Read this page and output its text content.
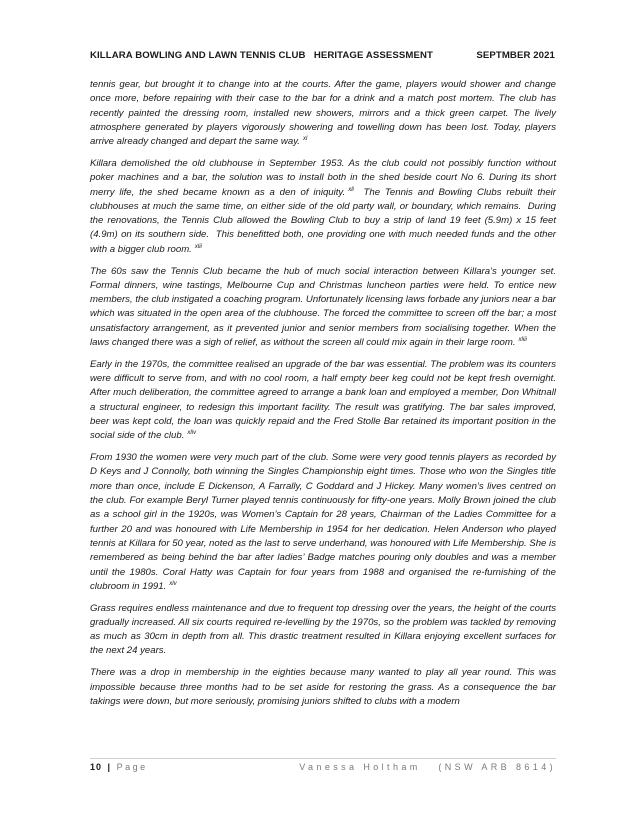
KILLARA BOWLING AND LAWN TENNIS CLUB   HERITAGE ASSESSMENT	SEPTMBER 2021

tennis gear, but brought it to change into at the courts. After the game, players would shower and change once more, before repairing with their case to the bar for a drink and a match post mortem. The club has recently painted the dressing room, installed new showers, mirrors and a thick green carpet. The lively atmosphere generated by players vigorously showering and towelling down has been lost. Today, players arrive already changed and depart the same way. $^{xl}$

Killara demolished the old clubhouse in September 1953. As the club could not possibly function without poker machines and a bar, the solution was to install both in the shed beside court No 6. During its short merry life, the shed became known as a den of iniquity. $^{xli}$  The Tennis and Bowling Clubs rebuilt their clubhouses at much the same time, on either side of the old party wall, or boundary, which remains.  During the renovations, the Tennis Club allowed the Bowling Club to buy a strip of land 19 feet (5.9m) x 15 feet (4.9m) on its southern side.  This benefitted both, one providing one with much needed funds and the other with a bigger club room. $^{xlii}$

The 60s saw the Tennis Club became the hub of much social interaction between Killara’s younger set. Formal dinners, wine tastings, Melbourne Cup and Christmas luncheon parties were held. To entice new members, the club instigated a coaching program. Unfortunately licensing laws forbade any juniors near a bar which was situated in the open area of the clubhouse. The forced the committee to screen off the bar; a most unsatisfactory arrangement, as it prevented junior and senior members from socialising together. When the laws changed there was a sigh of relief, as without the screen all could mix again in their large room. $^{xliii}$

Early in the 1970s, the committee realised an upgrade of the bar was essential. The problem was its counters were difficult to serve from, and with no cool room, a half empty beer keg could not be kept fresh overnight. After much deliberation, the committee agreed to arrange a bank loan and employed a member, Don Whitnall a structural engineer, to redesign this important facility. The result was gratifying. The bar sales improved, beer was kept cold, the loan was quickly repaid and the Fred Stolle Bar retained its important position in the social side of the club. $^{xliv}$

From 1930 the women were very much part of the club. Some were very good tennis players as recorded by D Keys and J Connolly, both winning the Singles Championship eight times. Those who won the Singles title more than once, include E Dickenson, A Farrally, C Goddard and J Hickey. Many women’s lives centred on the club. For example Beryl Turner played tennis continuously for fifty-one years. Molly Brown joined the club as a school girl in the 1920s, was Women’s Captain for 28 years, Chairman of the Ladies Committee for a further 20 and was honoured with Life Membership in 1954 for her dedication. Helen Anderson who played tennis at Killara for 50 year, noted as the last to serve underhand, was honoured with Life Membership. She is remembered as being behind the bar after ladies’ Badge matches pouring only doubles and was a member until the 1980s. Coral Hatty was Captain for four years from 1988 and organised the re-furnishing of the clubroom in 1991. $^{xlv}$

Grass requires endless maintenance and due to frequent top dressing over the years, the height of the courts gradually increased. All six courts required re-levelling by the 1970s, so the problem was tackled by removing as much as 30cm in depth from all. This drastic treatment resulted in Killara enjoying excellent surfaces for the next 24 years.

There was a drop in membership in the eighties because many wanted to play all year round. This was impossible because three months had to be set aside for restoring the grass. As a consequence the bar takings were down, but more seriously, promising juniors shifted to clubs with a modern

10 | Page	Vanessa Holtham   (NSW ARB 8614)
